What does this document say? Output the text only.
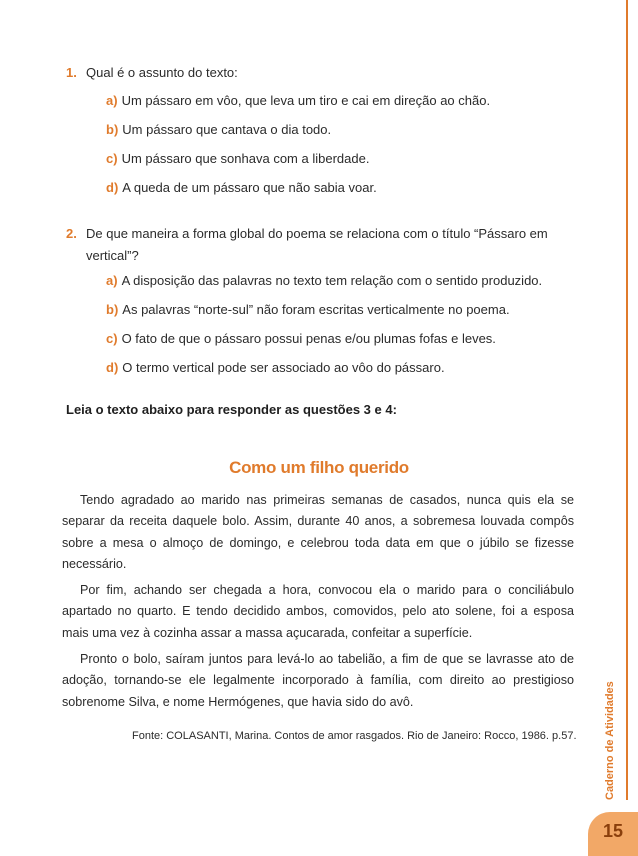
1. Qual é o assunto do texto:
a) Um pássaro em vôo, que leva um tiro e cai em direção ao chão.
b) Um pássaro que cantava o dia todo.
c) Um pássaro que sonhava com a liberdade.
d) A queda de um pássaro que não sabia voar.
2. De que maneira a forma global do poema se relaciona com o título “Pássaro em vertical”?
a) A disposição das palavras no texto tem relação com o sentido produzido.
b) As palavras “norte-sul” não foram escritas verticalmente no poema.
c) O fato de que o pássaro possui penas e/ou plumas fofas e leves.
d) O termo vertical pode ser associado ao vôo do pássaro.
Leia o texto abaixo para responder as questões 3 e 4:
Como um filho querido
Tendo agradado ao marido nas primeiras semanas de casados, nunca quis ela se separar da receita daquele bolo. Assim, durante 40 anos, a sobremesa louvada compôs sobre a mesa o almoço de domingo, e celebrou toda data em que o júbilo se fizesse necessário.
Por fim, achando ser chegada a hora, convocou ela o marido para o conciliábulo apartado no quarto. E tendo decidido ambos, comovidos, pelo ato solene, foi a esposa mais uma vez à cozinha assar a massa açucarada, confeitar a superfície.
Pronto o bolo, saíram juntos para levá-lo ao tabelião, a fim de que se lavrasse ato de adoção, tornando-se ele legalmente incorporado à família, com direito ao prestigioso sobrenome Silva, e nome Hermógenes, que havia sido do avô.
Fonte: COLASANTI, Marina. Contos de amor rasgados. Rio de Janeiro: Rocco, 1986. p.57. Caderno de Atividades
15
